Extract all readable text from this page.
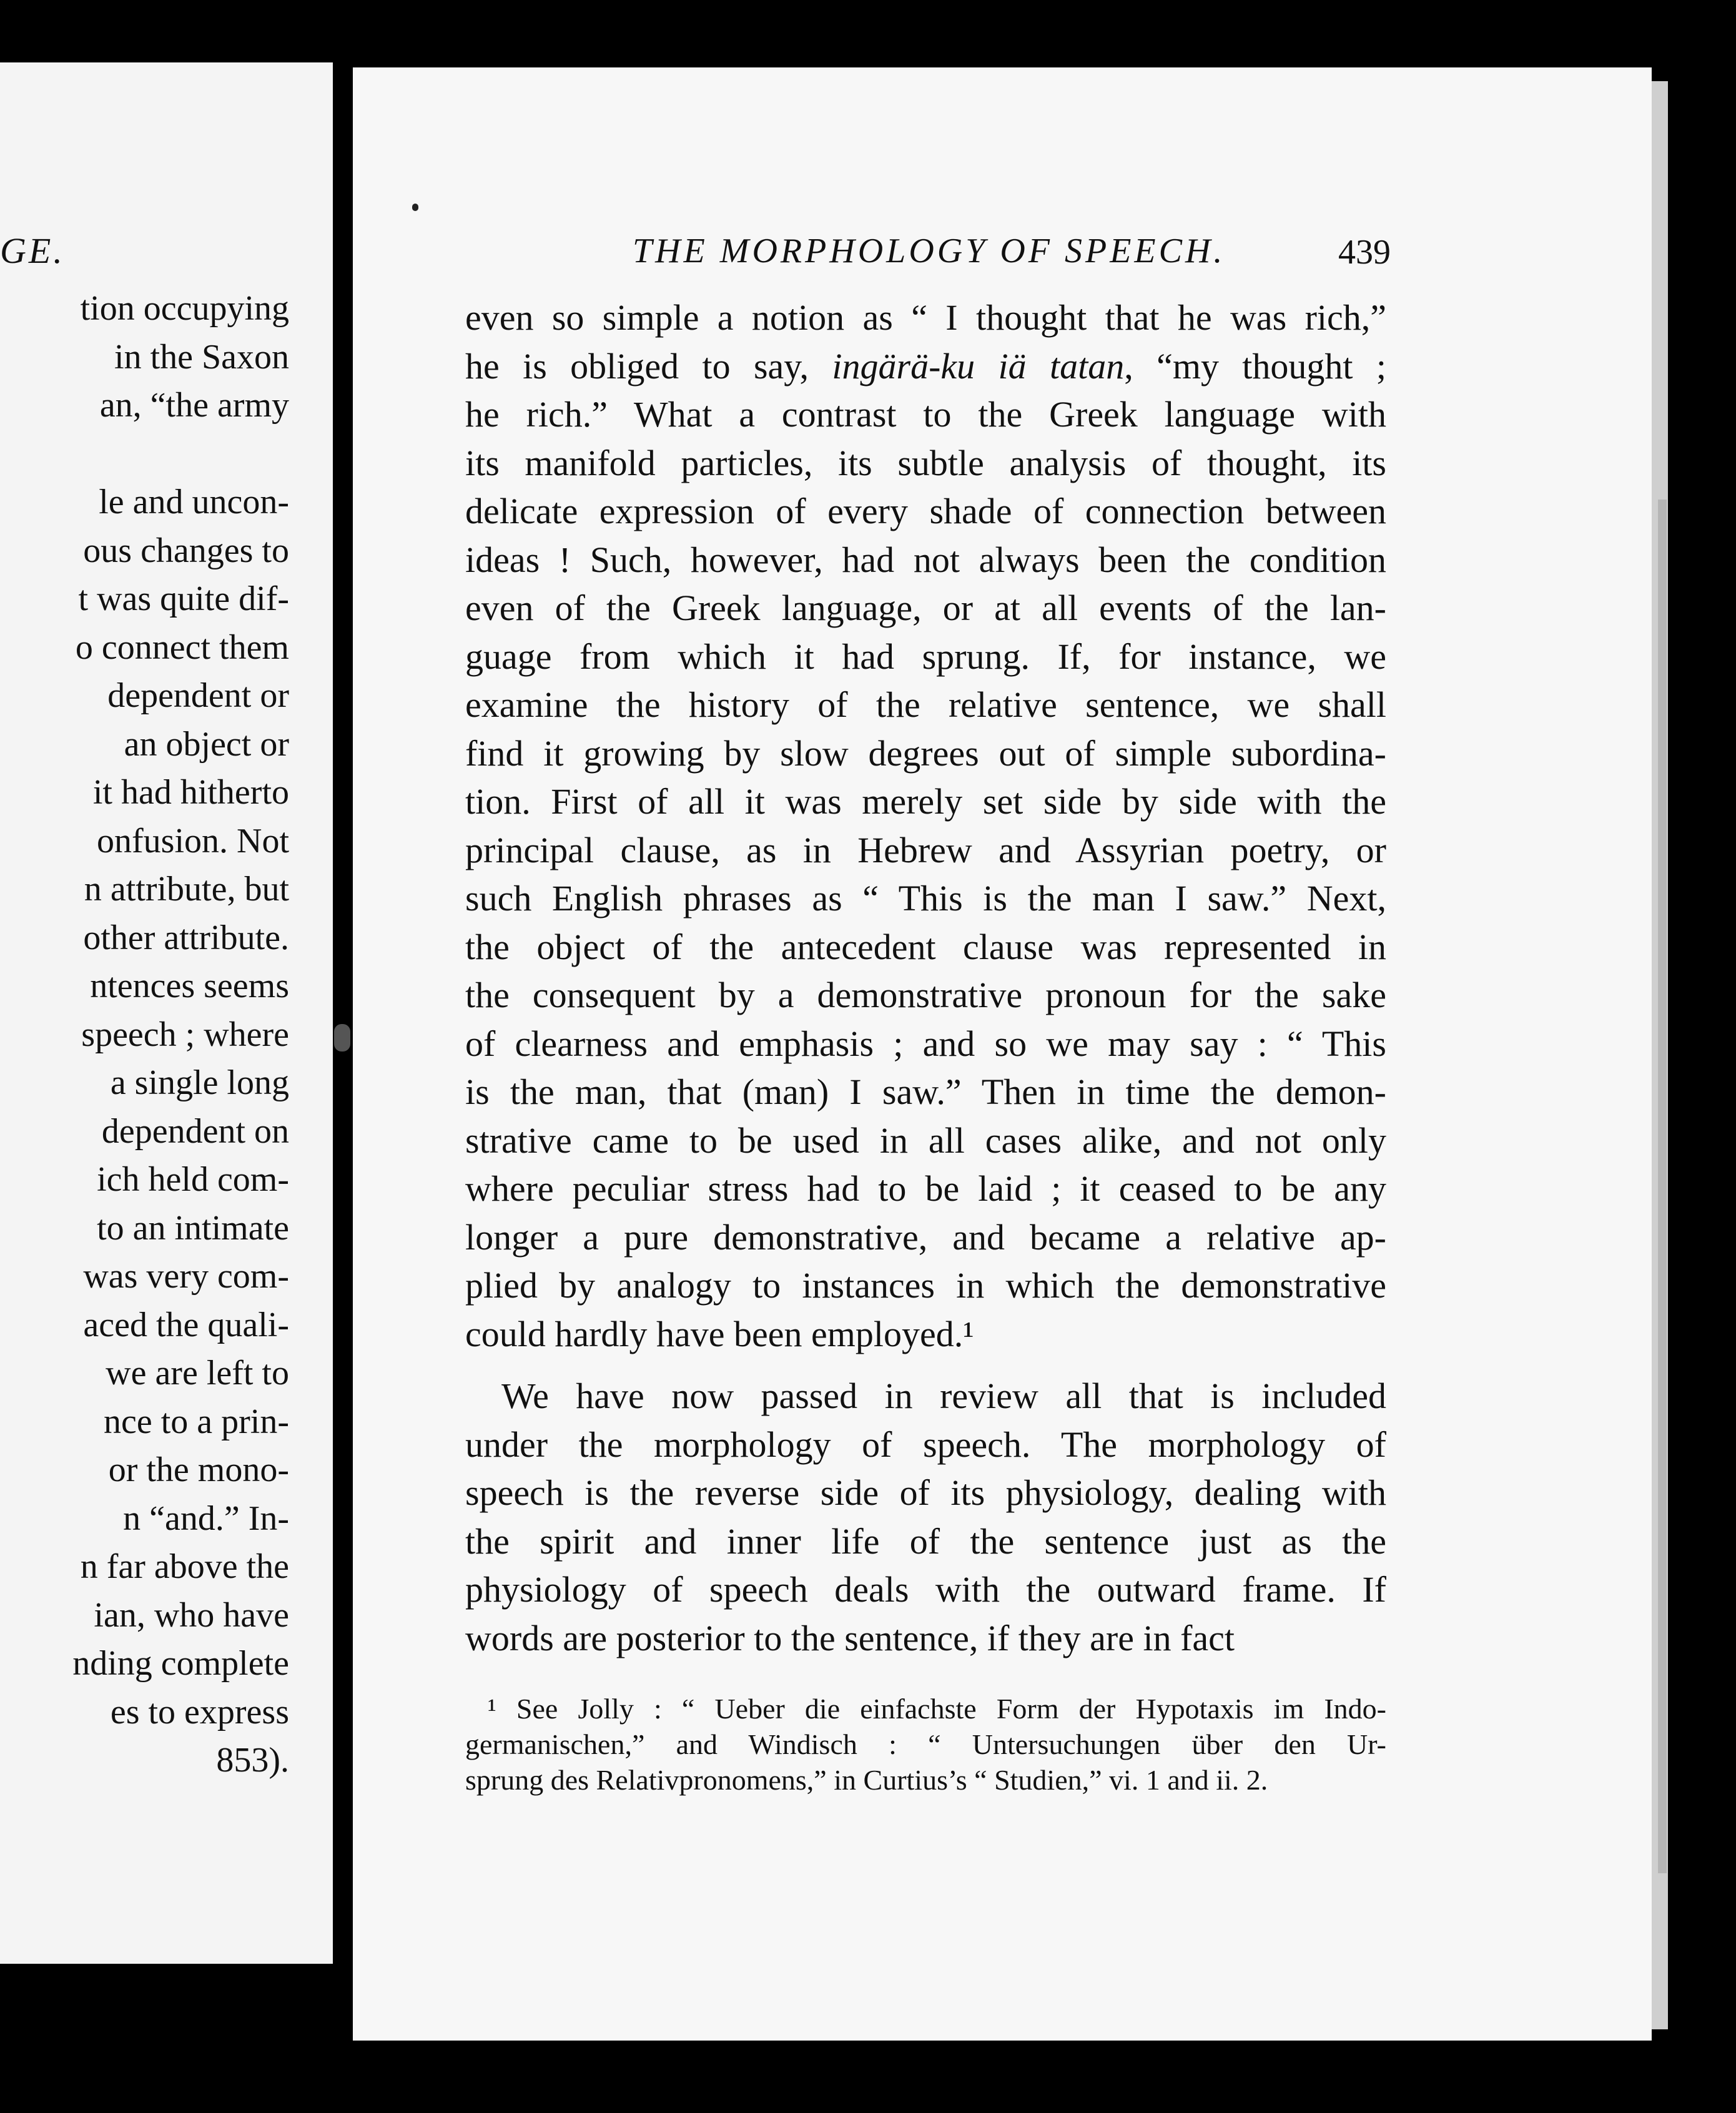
GE.
tion occupying
in the Saxon
an, “the army
le and uncon-
ous changes to
t was quite dif-
o connect them
dependent or
an object or
it had hitherto
onfusion. Not
n attribute, but
other attribute.
ntences seems
speech ; where
a single long
dependent on
ich held com-
to an intimate
was very com-
aced the quali-
we are left to
nce to a prin-
or the mono-
n “and.” In-
n far above the
ian, who have
nding complete
es to express
853).
THE MORPHOLOGY OF SPEECH.	439
even so simple a notion as “ I thought that he was rich,”
he is obliged to say, ingärä-ku iä tatan, “my thought ;
he rich.” What a contrast to the Greek language with
its manifold particles, its subtle analysis of thought, its
delicate expression of every shade of connection between
ideas ! Such, however, had not always been the condition
even of the Greek language, or at all events of the lan-
guage from which it had sprung. If, for instance, we
examine the history of the relative sentence, we shall
find it growing by slow degrees out of simple subordina-
tion. First of all it was merely set side by side with the
principal clause, as in Hebrew and Assyrian poetry, or
such English phrases as “ This is the man I saw.” Next,
the object of the antecedent clause was represented in
the consequent by a demonstrative pronoun for the sake
of clearness and emphasis ; and so we may say : “ This
is the man, that (man) I saw.” Then in time the demon-
strative came to be used in all cases alike, and not only
where peculiar stress had to be laid ; it ceased to be any
longer a pure demonstrative, and became a relative ap-
plied by analogy to instances in which the demonstrative
could hardly have been employed.¹
We have now passed in review all that is included
under the morphology of speech. The morphology of
speech is the reverse side of its physiology, dealing with
the spirit and inner life of the sentence just as the
physiology of speech deals with the outward frame. If
words are posterior to the sentence, if they are in fact
¹ See Jolly : “ Ueber die einfachste Form der Hypotaxis im Indo-
germanischen,” and Windisch : “ Untersuchungen über den Ur-
sprung des Relativpronomens,” in Curtius’s “ Studien,” vi. 1 and ii. 2.
